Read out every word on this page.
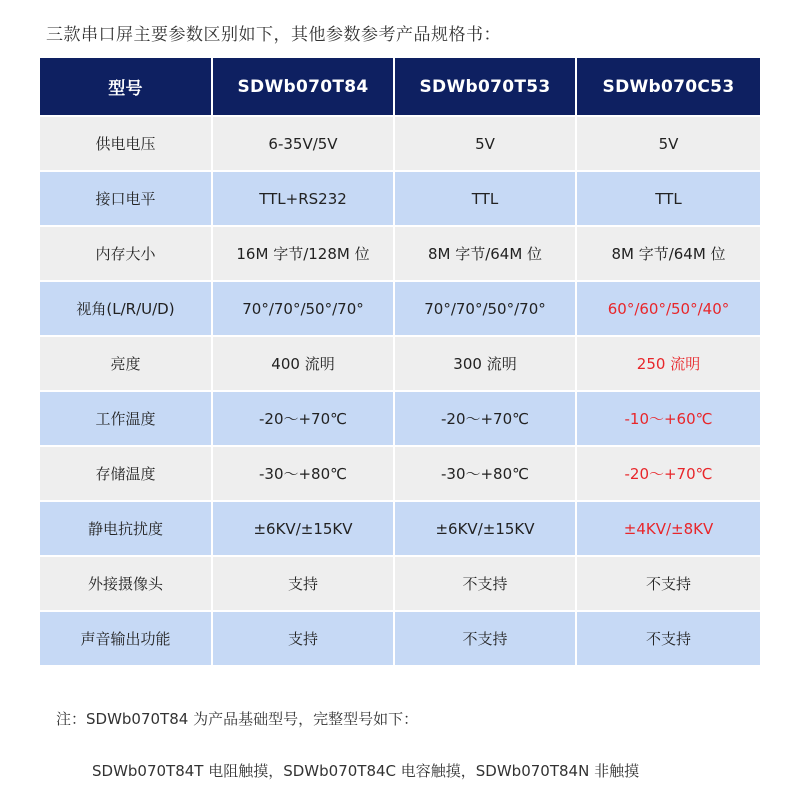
三款串口屏主要参数区别如下，其他参数参考产品规格书：
型号	SDWb070T84	SDWb070T53	SDWb070C53
供电电压	6-35V/5V	5V	5V
接口电平	TTL+RS232	TTL	TTL
内存大小	16M 字节/128M 位	8M 字节/64M 位	8M 字节/64M 位
视角(L/R/U/D)	70°/70°/50°/70°	70°/70°/50°/70°	60°/60°/50°/40°
亮度	400 流明	300 流明	250 流明
工作温度	-20～+70℃	-20～+70℃	-10～+60℃
存储温度	-30～+80℃	-30～+80℃	-20～+70℃
静电抗扰度	±6KV/±15KV	±6KV/±15KV	±4KV/±8KV
外接摄像头	支持	不支持	不支持
声音输出功能	支持	不支持	不支持
注：SDWb070T84 为产品基础型号，完整型号如下：
SDWb070T84T 电阻触摸，SDWb070T84C 电容触摸，SDWb070T84N 非触摸
